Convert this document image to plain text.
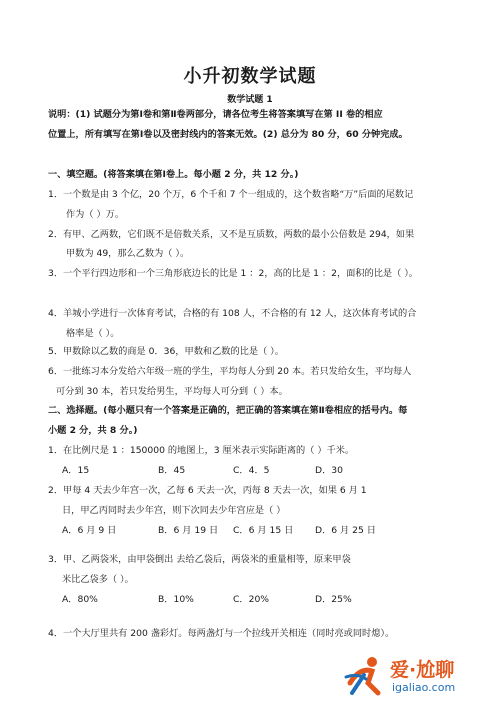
小升初数学试题
数学试题 1
说明：(1) 试题分为第Ⅰ卷和第Ⅱ卷两部分，请各位考生将答案填写在第 II 卷的相应
位置上，所有填写在第Ⅰ卷以及密封线内的答案无效。(2) 总分为 80 分，60 分钟完成。
一、填空题。(将答案填在第Ⅰ卷上。每小题 2 分，共 12 分。)
1．一个数是由 3 个亿，20 个万，6 个千和 7 个一组成的，这个数省略“万”后面的尾数记
作为（ ）万。
2．有甲、乙两数，它们既不是倍数关系，又不是互质数，两数的最小公倍数是 294，如果
甲数为 49，那么乙数为（ ）。
3．一个平行四边形和一个三角形底边长的比是 1 ：2，高的比是 1 ：2，面积的比是（ ）。
4．羊城小学进行一次体育考试，合格的有 108 人，不合格的有 12 人，这次体育考试的合
格率是（ ）。
5．甲数除以乙数的商是 0．36，甲数和乙数的比是（ ）。
6．一批练习本分发给六年级一班的学生，平均每人分到 20 本。若只发给女生，平均每人
可分到 30 本，若只发给男生，平均每人可分到（ ）本。
二、选择题。(每小题只有一个答案是正确的，把正确的答案填在第Ⅱ卷相应的括号内。每
小题 2 分，共 8 分。)
1．在比例尺是 1 ：150000 的地图上，3 厘米表示实际距离的（ ）千米。
A．15	B．45	C．4．5	D．30
2．甲每 4 天去少年宫一次，乙每 6 天去一次，丙每 8 天去一次，如果 6 月 1
日，甲乙丙同时去少年宫，则下次同去少年宫应是（ ）
A．6 月 9 日	B．6 月 19 日 C．6 月 15 日 D．6 月 25 日
3．甲、乙两袋米，由甲袋倒出 去给乙袋后，两袋米的重量相等，原来甲袋
米比乙袋多（ ）。
A．80%	B．10%	C．20%	D．25%
4．一个大厅里共有 200 盏彩灯。每两盏灯与一个拉线开关相连（同时亮或同时熄）。
爱·尬聊
igaliao.com
